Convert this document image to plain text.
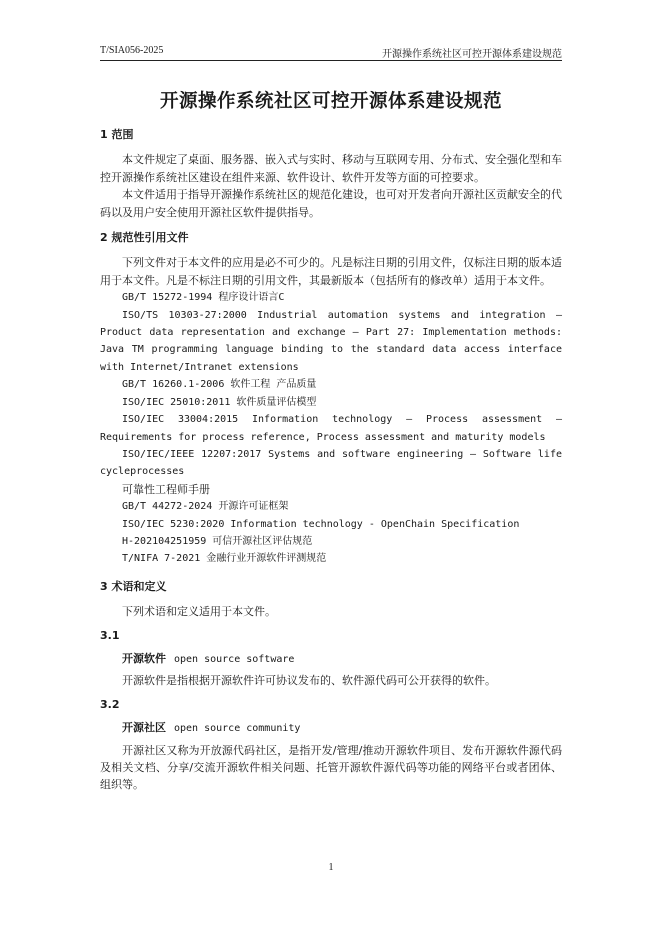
T/SIA056-2025	开源操作系统社区可控开源体系建设规范
开源操作系统社区可控开源体系建设规范
1 范围

本文件规定了桌面、服务器、嵌入式与实时、移动与互联网专用、分布式、安全强化型和车控开源操作系统社区建设在组件来源、软件设计、软件开发等方面的可控要求。

本文件适用于指导开源操作系统社区的规范化建设，也可对开发者向开源社区贡献安全的代码以及用户安全使用开源社区软件提供指导。

2 规范性引用文件

下列文件对于本文件的应用是必不可少的。凡是标注日期的引用文件，仅标注日期的版本适用于本文件。凡是不标注日期的引用文件，其最新版本（包括所有的修改单）适用于本文件。

GB/T 15272-1994 程序设计语言C

ISO/TS 10303-27:2000 Industrial automation systems and integration — Product data representation and exchange — Part 27: Implementation methods: Java TM programming language binding to the standard data access interface with Internet/Intranet extensions

GB/T 16260.1-2006 软件工程 产品质量

ISO/IEC 25010:2011 软件质量评估模型

ISO/IEC 33004:2015 Information technology – Process assessment – Requirements for process reference, Process assessment and maturity models

ISO/IEC/IEEE 12207:2017 Systems and software engineering – Software life cycleprocesses

可靠性工程师手册

GB/T 44272-2024 开源许可证框架

ISO/IEC 5230:2020 Information technology - OpenChain Specification

H-202104251959 可信开源社区评估规范

T/NIFA 7-2021 金融行业开源软件评测规范

3 术语和定义

下列术语和定义适用于本文件。

3.1
开源软件 open source software

开源软件是指根据开源软件许可协议发布的、软件源代码可公开获得的软件。

3.2
开源社区 open source community

开源社区又称为开放源代码社区，是指开发/管理/推动开源软件项目、发布开源软件源代码及相关文档、分享/交流开源软件相关问题、托管开源软件源代码等功能的网络平台或者团体、组织等。

1
